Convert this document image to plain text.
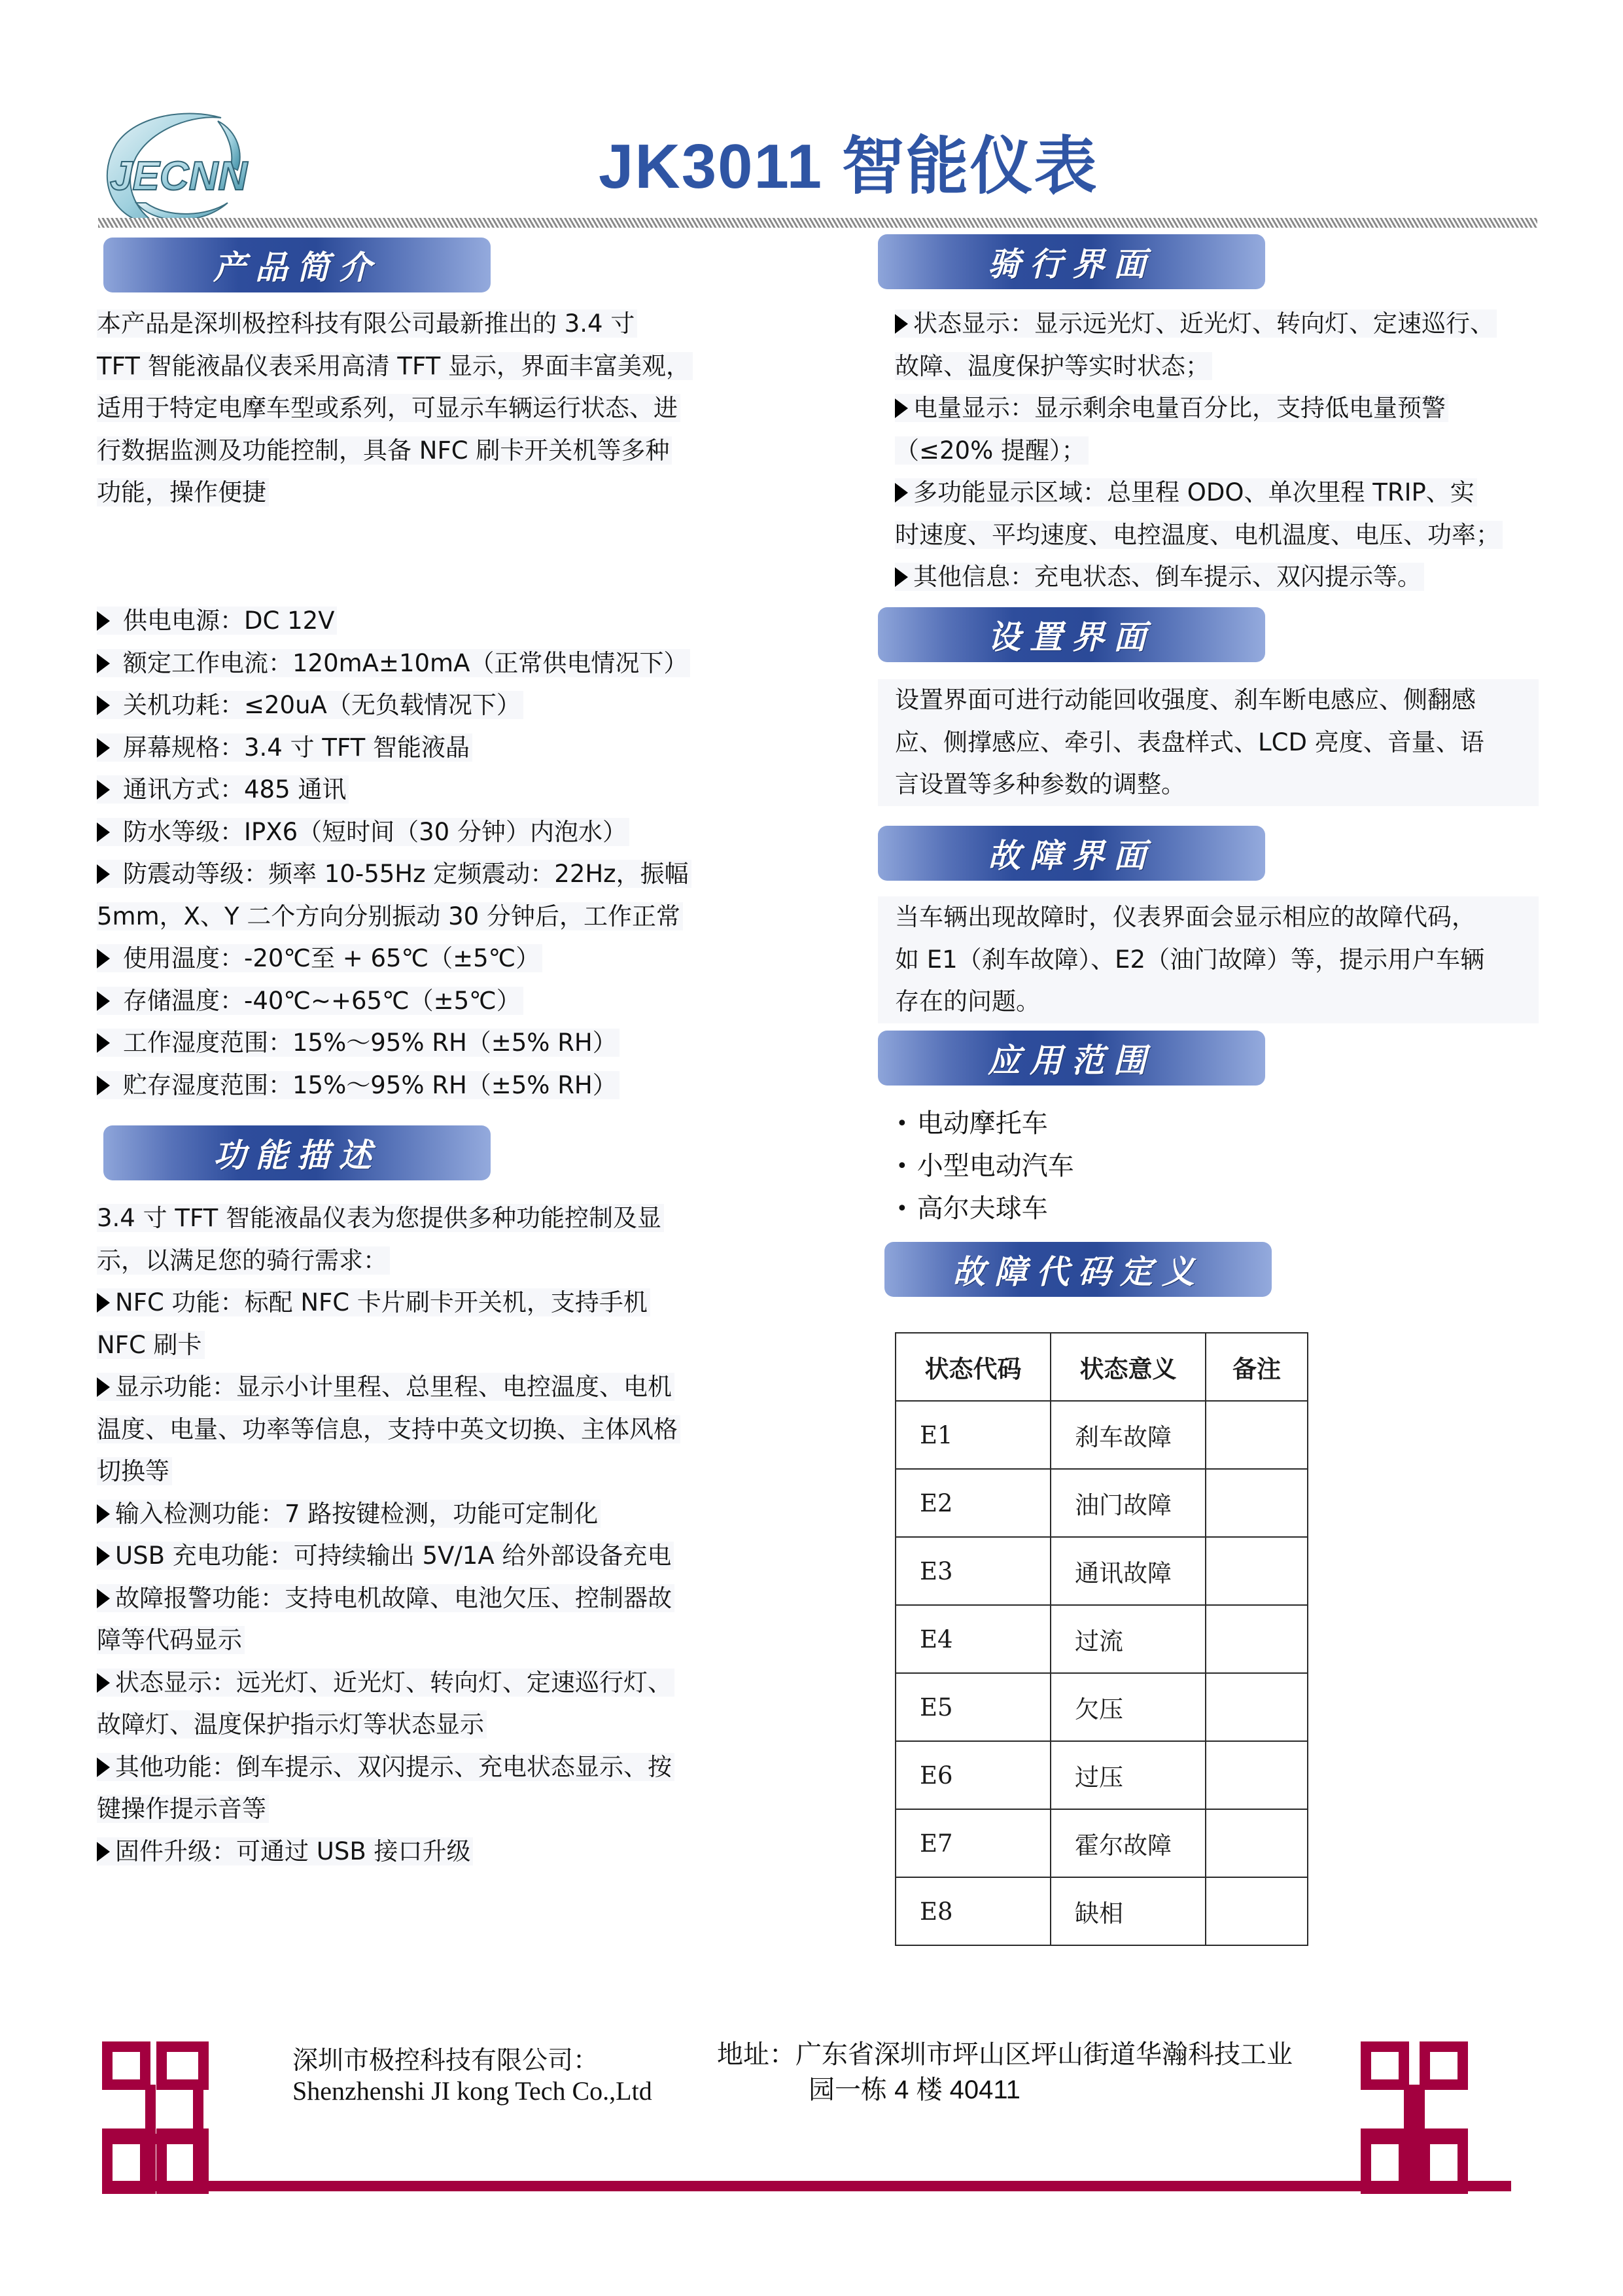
JECNN	JK3011 智能仪表
产品简介
本产品是深圳极控科技有限公司最新推出的 3.4 寸
TFT 智能液晶仪表采用高清 TFT 显示，界面丰富美观，
适用于特定电摩车型或系列，可显示车辆运行状态、进
行数据监测及功能控制，具备 NFC 刷卡开关机等多种
功能，操作便捷
供电电源：DC 12V
额定工作电流：120mA±10mA（正常供电情况下）
关机功耗：≤20uA（无负载情况下）
屏幕规格：3.4 寸 TFT 智能液晶
通讯方式：485 通讯
防水等级：IPX6（短时间（30 分钟）内泡水）
防震动等级：频率 10-55Hz 定频震动：22Hz，振幅
5mm，X、Y 二个方向分别振动 30 分钟后，工作正常
使用温度：-20℃至 + 65℃（±5℃）
存储温度：-40℃~+65℃（±5℃）
工作湿度范围：15%～95% RH（±5% RH）
贮存湿度范围：15%～95% RH（±5% RH）
功能描述
3.4 寸 TFT 智能液晶仪表为您提供多种功能控制及显
示，以满足您的骑行需求：
NFC 功能：标配 NFC 卡片刷卡开关机，支持手机
NFC 刷卡
显示功能：显示小计里程、总里程、电控温度、电机
温度、电量、功率等信息，支持中英文切换、主体风格
切换等
输入检测功能：7 路按键检测，功能可定制化
USB 充电功能：可持续输出 5V/1A 给外部设备充电
故障报警功能：支持电机故障、电池欠压、控制器故
障等代码显示
状态显示：远光灯、近光灯、转向灯、定速巡行灯、
故障灯、温度保护指示灯等状态显示
其他功能：倒车提示、双闪提示、充电状态显示、按
键操作提示音等
固件升级：可通过 USB 接口升级
骑行界面
状态显示：显示远光灯、近光灯、转向灯、定速巡行、
故障、温度保护等实时状态；
电量显示：显示剩余电量百分比，支持低电量预警
（≤20% 提醒）；
多功能显示区域：总里程 ODO、单次里程 TRIP、实
时速度、平均速度、电控温度、电机温度、电压、功率；
其他信息：充电状态、倒车提示、双闪提示等。
设置界面
设置界面可进行动能回收强度、刹车断电感应、侧翻感
应、侧撑感应、牵引、表盘样式、LCD 亮度、音量、语
言设置等多种参数的调整。
故障界面
当车辆出现故障时，仪表界面会显示相应的故障代码，
如 E1（刹车故障）、E2（油门故障）等，提示用户车辆
存在的问题。
应用范围
• 电动摩托车
• 小型电动汽车
• 高尔夫球车
故障代码定义
状态代码	状态意义	备注
E1	刹车故障	
E2	油门故障	
E3	通讯故障	
E4	过流	
E5	欠压	
E6	过压	
E7	霍尔故障	
E8	缺相	
深圳市极控科技有限公司：
Shenzhenshi JI kong Tech Co.,Ltd
地址：广东省深圳市坪山区坪山街道华瀚科技工业
园一栋 4 楼 40411
